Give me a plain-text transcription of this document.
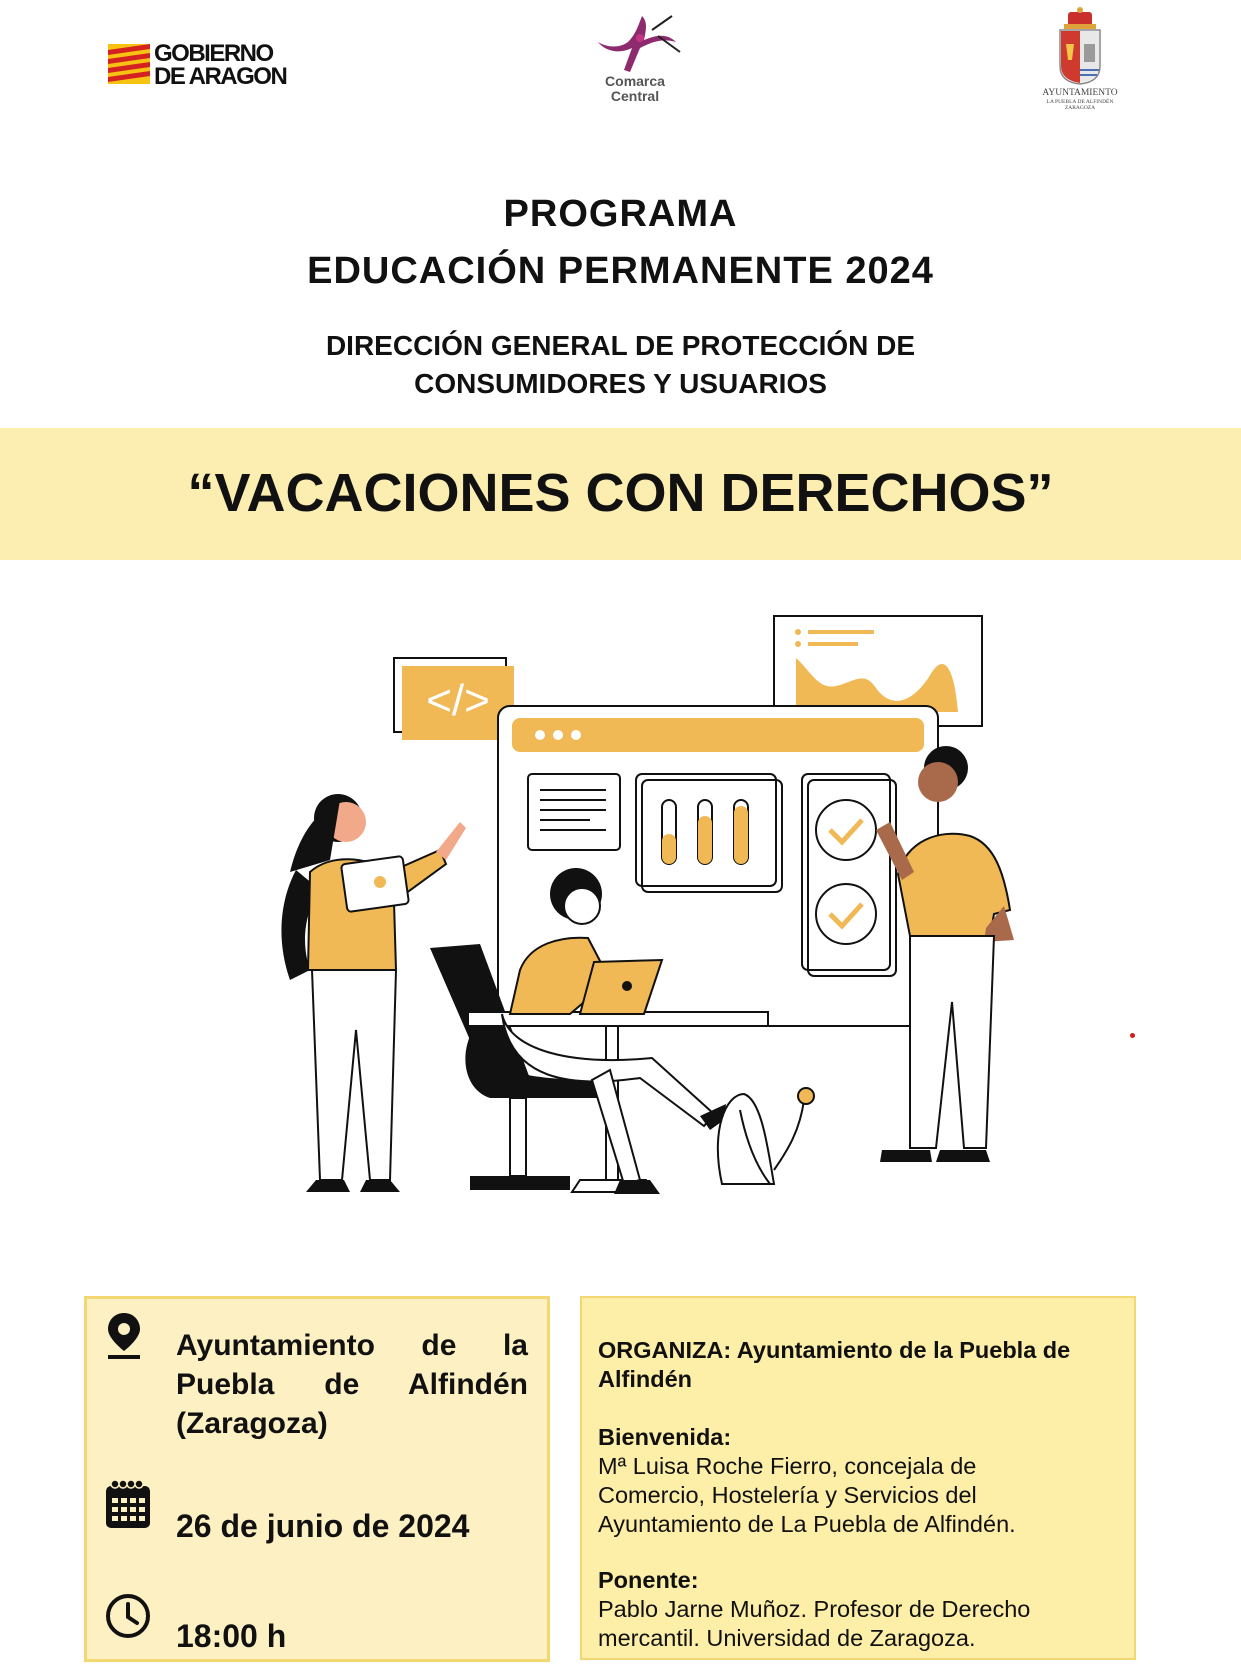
GOBIERNO
DE ARAGON	Comarca
Central	AYUNTAMIENTO
LA PUEBLA DE ALFINDÉN
ZARAGOZA
PROGRAMA
EDUCACIÓN PERMANENTE 2024
DIRECCIÓN GENERAL DE PROTECCIÓN DE
CONSUMIDORES Y USUARIOS
“VACACIONES CON DERECHOS”
</>
Ayuntamiento de la
Puebla de Alfindén
(Zaragoza)
26 de junio de 2024
18:00 h
ORGANIZA: Ayuntamiento de la Puebla de
Alfindén
Bienvenida:
Mª Luisa Roche Fierro, concejala de
Comercio, Hostelería y Servicios del
Ayuntamiento de La Puebla de Alfindén.
Ponente:
Pablo Jarne Muñoz. Profesor de Derecho
mercantil. Universidad de Zaragoza.
